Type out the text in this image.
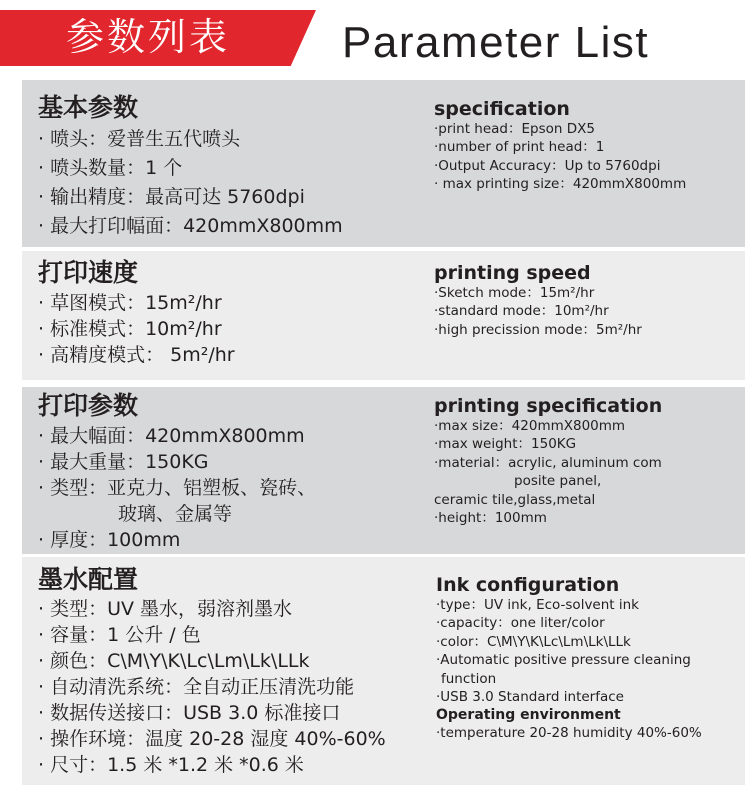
参数列表	Parameter List
基本参数
· 喷头：爱普生五代喷头
· 喷头数量：1 个
· 输出精度：最高可达 5760dpi
· 最大打印幅面：420mmX800mm
specification
·print head：Epson DX5
·number of print head：1
·Output Accuracy：Up to 5760dpi
· max printing size：420mmX800mm
打印速度
· 草图模式：15m²/hr
· 标准模式：10m²/hr
· 高精度模式： 5m²/hr
printing speed
·Sketch mode：15m²/hr
·standard mode：10m²/hr
·high precission mode：5m²/hr
打印参数
· 最大幅面：420mmX800mm
· 最大重量：150KG
· 类型：亚克力、铝塑板、瓷砖、
玻璃、金属等
· 厚度：100mm
printing specification
·max size：420mmX800mm
·max weight：150KG
·material：acrylic, aluminum com
posite panel,
ceramic tile,glass,metal
·height：100mm
墨水配置
· 类型：UV 墨水，弱溶剂墨水
· 容量：1 公升 / 色
· 颜色：C\M\Y\K\Lc\Lm\Lk\LLk
· 自动清洗系统：全自动正压清洗功能
· 数据传送接口：USB 3.0 标准接口
· 操作环境：温度 20-28 湿度 40%-60%
· 尺寸：1.5 米 *1.2 米 *0.6 米
Ink configuration
·type：UV ink, Eco-solvent ink
·capacity：one liter/color
·color：C\M\Y\K\Lc\Lm\Lk\LLk
·Automatic positive pressure cleaning
function
·USB 3.0 Standard interface
Operating environment
·temperature 20-28 humidity 40%-60%
